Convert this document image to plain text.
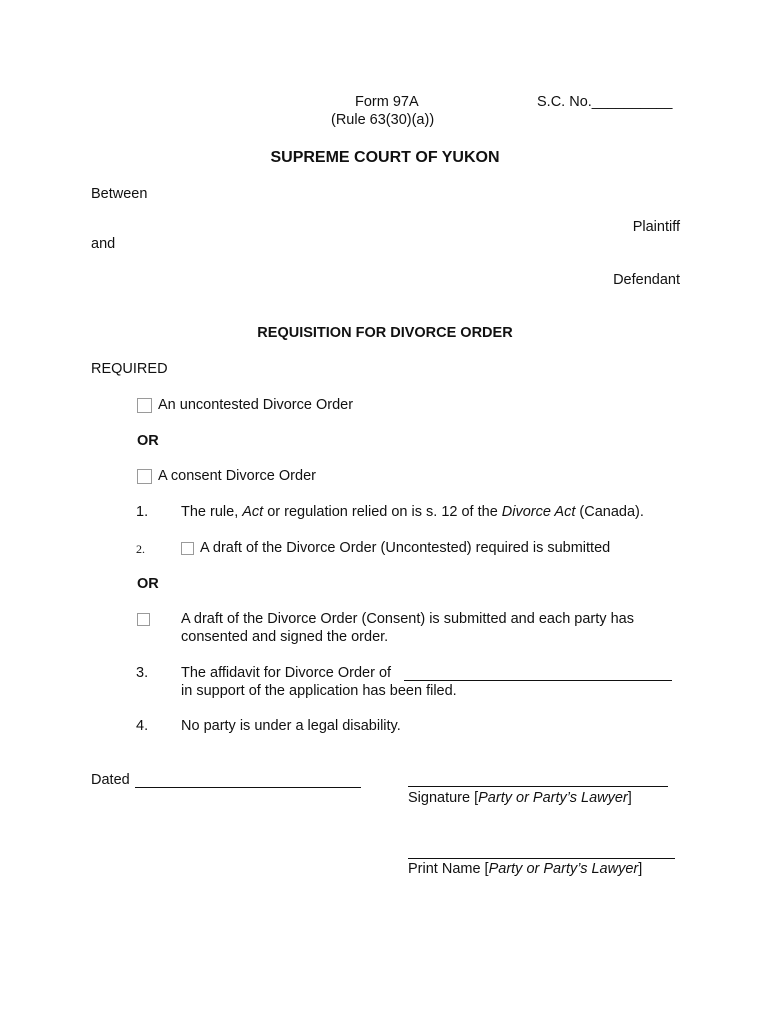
Form 97A	S.C. No.__________
(Rule 63(30)(a))
SUPREME COURT OF YUKON
Between
Plaintiff
and
Defendant
REQUISITION FOR DIVORCE ORDER
REQUIRED
An uncontested Divorce Order
OR
A consent Divorce Order
1. The rule, Act or regulation relied on is s. 12 of the Divorce Act (Canada).
2.	A draft of the Divorce Order (Uncontested) required is submitted
OR
A draft of the Divorce Order (Consent) is submitted and each party has
consented and signed the order.
3. The affidavit for Divorce Order of
in support of the application has been filed.
4. No party is under a legal disability.
Dated
Signature [Party or Party’s Lawyer]
Print Name [Party or Party’s Lawyer]
